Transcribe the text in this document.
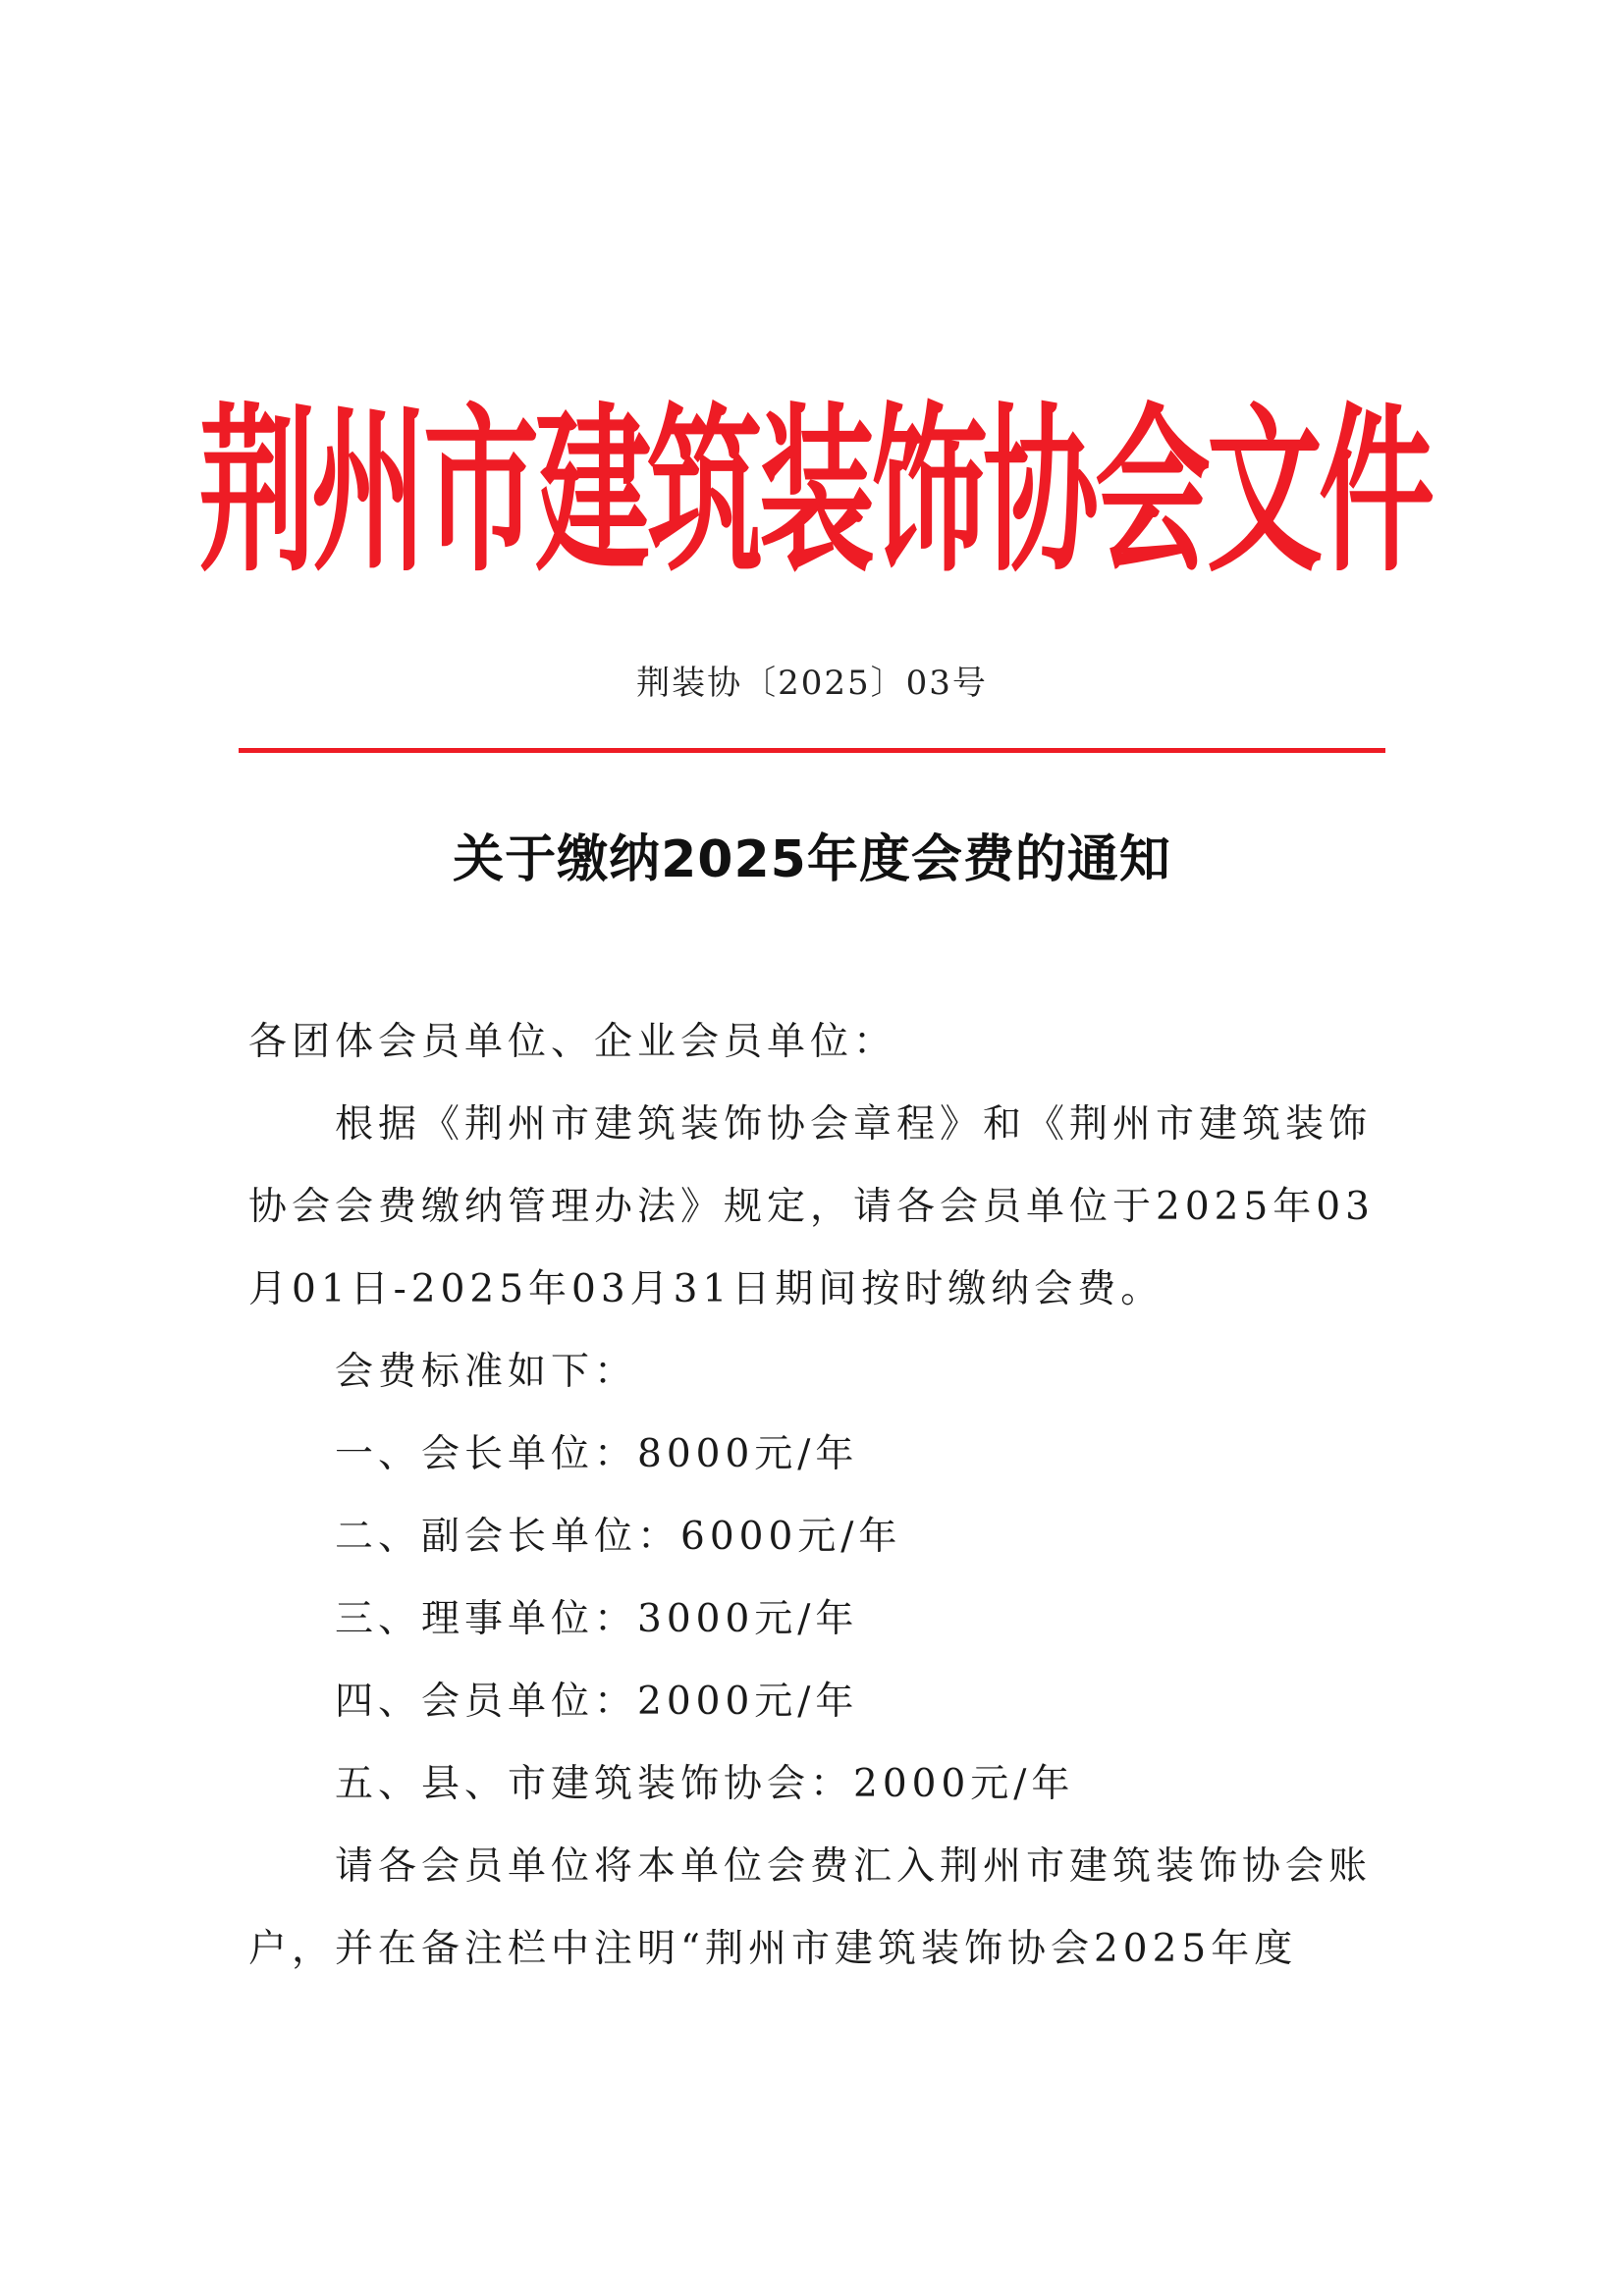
荆州市建筑装饰协会文件
荆装协〔2025〕03号
关于缴纳2025年度会费的通知

各团体会员单位、企业会员单位：

根据《荆州市建筑装饰协会章程》和《荆州市建筑装饰协会会费缴纳管理办法》规定，请各会员单位于2025年03月01日-2025年03月31日期间按时缴纳会费。

会费标准如下：

一、会长单位：8000元/年

二、副会长单位：6000元/年

三、理事单位：3000元/年

四、会员单位：2000元/年

五、县、市建筑装饰协会：2000元/年

请各会员单位将本单位会费汇入荆州市建筑装饰协会账户，并在备注栏中注明“荆州市建筑装饰协会2025年度
